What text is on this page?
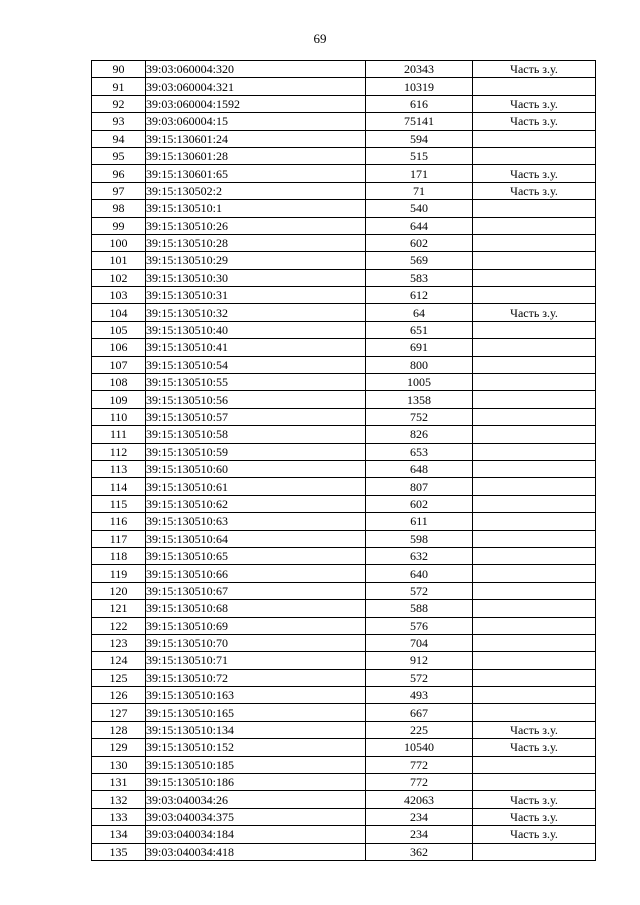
69
90	39:03:060004:320	20343	Часть з.у.
91	39:03:060004:321	10319	
92	39:03:060004:1592	616	Часть з.у.
93	39:03:060004:15	75141	Часть з.у.
94	39:15:130601:24	594	
95	39:15:130601:28	515	
96	39:15:130601:65	171	Часть з.у.
97	39:15:130502:2	71	Часть з.у.
98	39:15:130510:1	540	
99	39:15:130510:26	644	
100	39:15:130510:28	602	
101	39:15:130510:29	569	
102	39:15:130510:30	583	
103	39:15:130510:31	612	
104	39:15:130510:32	64	Часть з.у.
105	39:15:130510:40	651	
106	39:15:130510:41	691	
107	39:15:130510:54	800	
108	39:15:130510:55	1005	
109	39:15:130510:56	1358	
110	39:15:130510:57	752	
111	39:15:130510:58	826	
112	39:15:130510:59	653	
113	39:15:130510:60	648	
114	39:15:130510:61	807	
115	39:15:130510:62	602	
116	39:15:130510:63	611	
117	39:15:130510:64	598	
118	39:15:130510:65	632	
119	39:15:130510:66	640	
120	39:15:130510:67	572	
121	39:15:130510:68	588	
122	39:15:130510:69	576	
123	39:15:130510:70	704	
124	39:15:130510:71	912	
125	39:15:130510:72	572	
126	39:15:130510:163	493	
127	39:15:130510:165	667	
128	39:15:130510:134	225	Часть з.у.
129	39:15:130510:152	10540	Часть з.у.
130	39:15:130510:185	772	
131	39:15:130510:186	772	
132	39:03:040034:26	42063	Часть з.у.
133	39:03:040034:375	234	Часть з.у.
134	39:03:040034:184	234	Часть з.у.
135	39:03:040034:418	362	
